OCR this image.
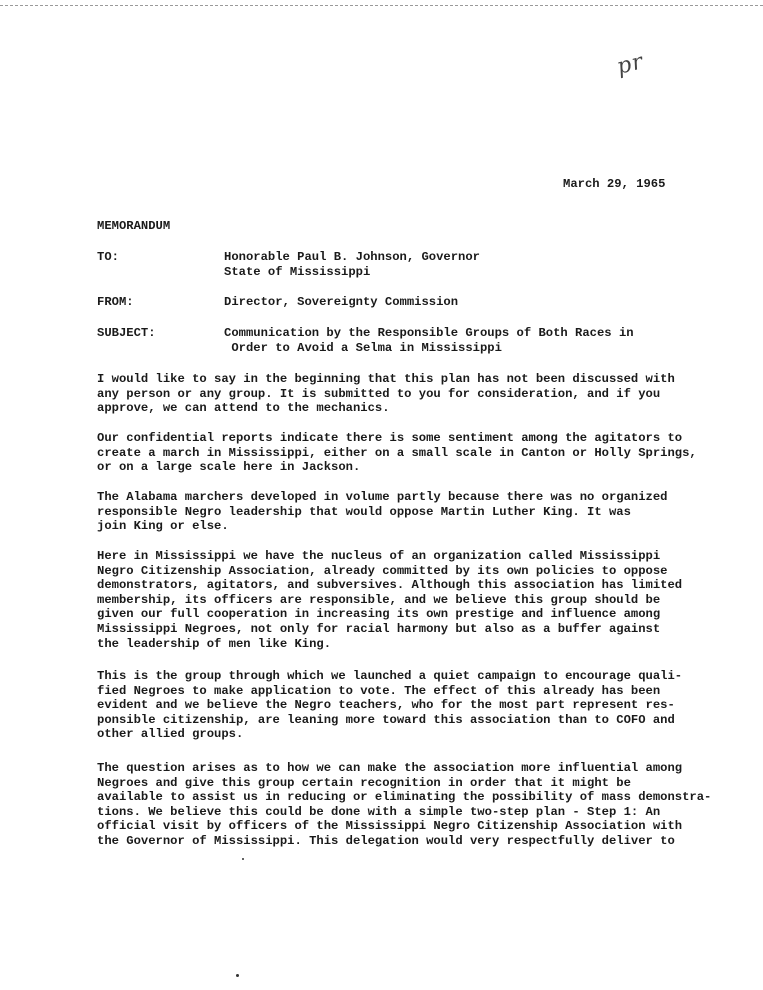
pr
March 29, 1965
MEMORANDUM
TO:	Honorable Paul B. Johnson, Governor
State of Mississippi
FROM:	Director, Sovereignty Commission
SUBJECT:	Communication by the Responsible Groups of Both Races in
Order to Avoid a Selma in Mississippi
I would like to say in the beginning that this plan has not been discussed with
any person or any group. It is submitted to you for consideration, and if you
approve, we can attend to the mechanics.
Our confidential reports indicate there is some sentiment among the agitators to
create a march in Mississippi, either on a small scale in Canton or Holly Springs,
or on a large scale here in Jackson.
The Alabama marchers developed in volume partly because there was no organized
responsible Negro leadership that would oppose Martin Luther King. It was
join King or else.
Here in Mississippi we have the nucleus of an organization called Mississippi
Negro Citizenship Association, already committed by its own policies to oppose
demonstrators, agitators, and subversives. Although this association has limited
membership, its officers are responsible, and we believe this group should be
given our full cooperation in increasing its own prestige and influence among
Mississippi Negroes, not only for racial harmony but also as a buffer against
the leadership of men like King.
This is the group through which we launched a quiet campaign to encourage quali-
fied Negroes to make application to vote. The effect of this already has been
evident and we believe the Negro teachers, who for the most part represent res-
ponsible citizenship, are leaning more toward this association than to COFO and
other allied groups.
The question arises as to how we can make the association more influential among
Negroes and give this group certain recognition in order that it might be
available to assist us in reducing or eliminating the possibility of mass demonstra-
tions. We believe this could be done with a simple two-step plan - Step 1: An
official visit by officers of the Mississippi Negro Citizenship Association with
the Governor of Mississippi. This delegation would very respectfully deliver to
